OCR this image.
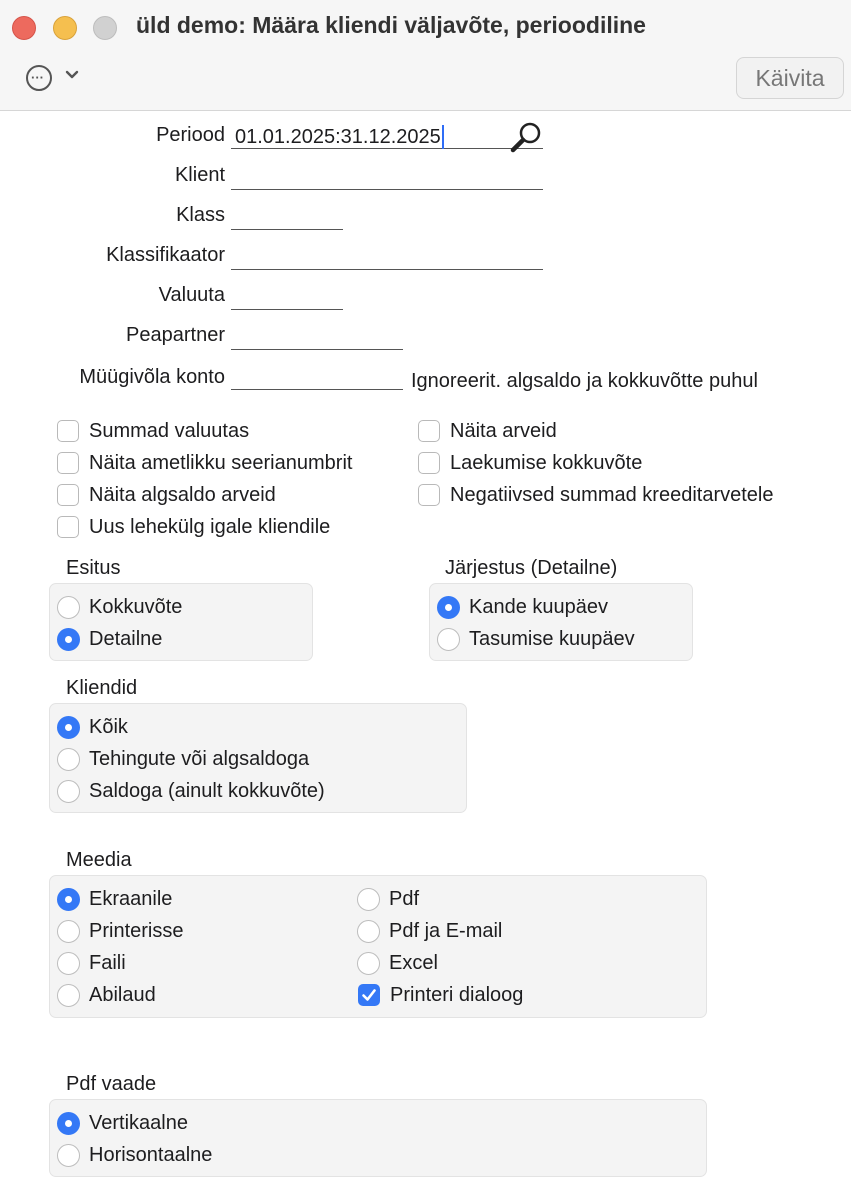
üld demo: Määra kliendi väljavõte, perioodiline
···	Käivita
Periood 01.01.2025:31.12.2025
Klient
Klass
Klassifikaator
Valuuta
Peapartner
Müügivõla konto	Ignoreerit. algsaldo ja kokkuvõtte puhul
Summad valuutas
Näita ametlikku seerianumbrit
Näita algsaldo arveid
Uus lehekülg igale kliendile
Näita arveid
Laekumise kokkuvõte
Negatiivsed summad kreeditarvetele
Esitus
Kokkuvõte
Detailne
Järjestus (Detailne)
Kande kuupäev
Tasumise kuupäev
Kliendid
Kõik
Tehingute või algsaldoga
Saldoga (ainult kokkuvõte)
Meedia
Ekraanile
Printerisse
Faili
Abilaud
Pdf
Pdf ja E-mail
Excel
Printeri dialoog
Pdf vaade
Vertikaalne
Horisontaalne
